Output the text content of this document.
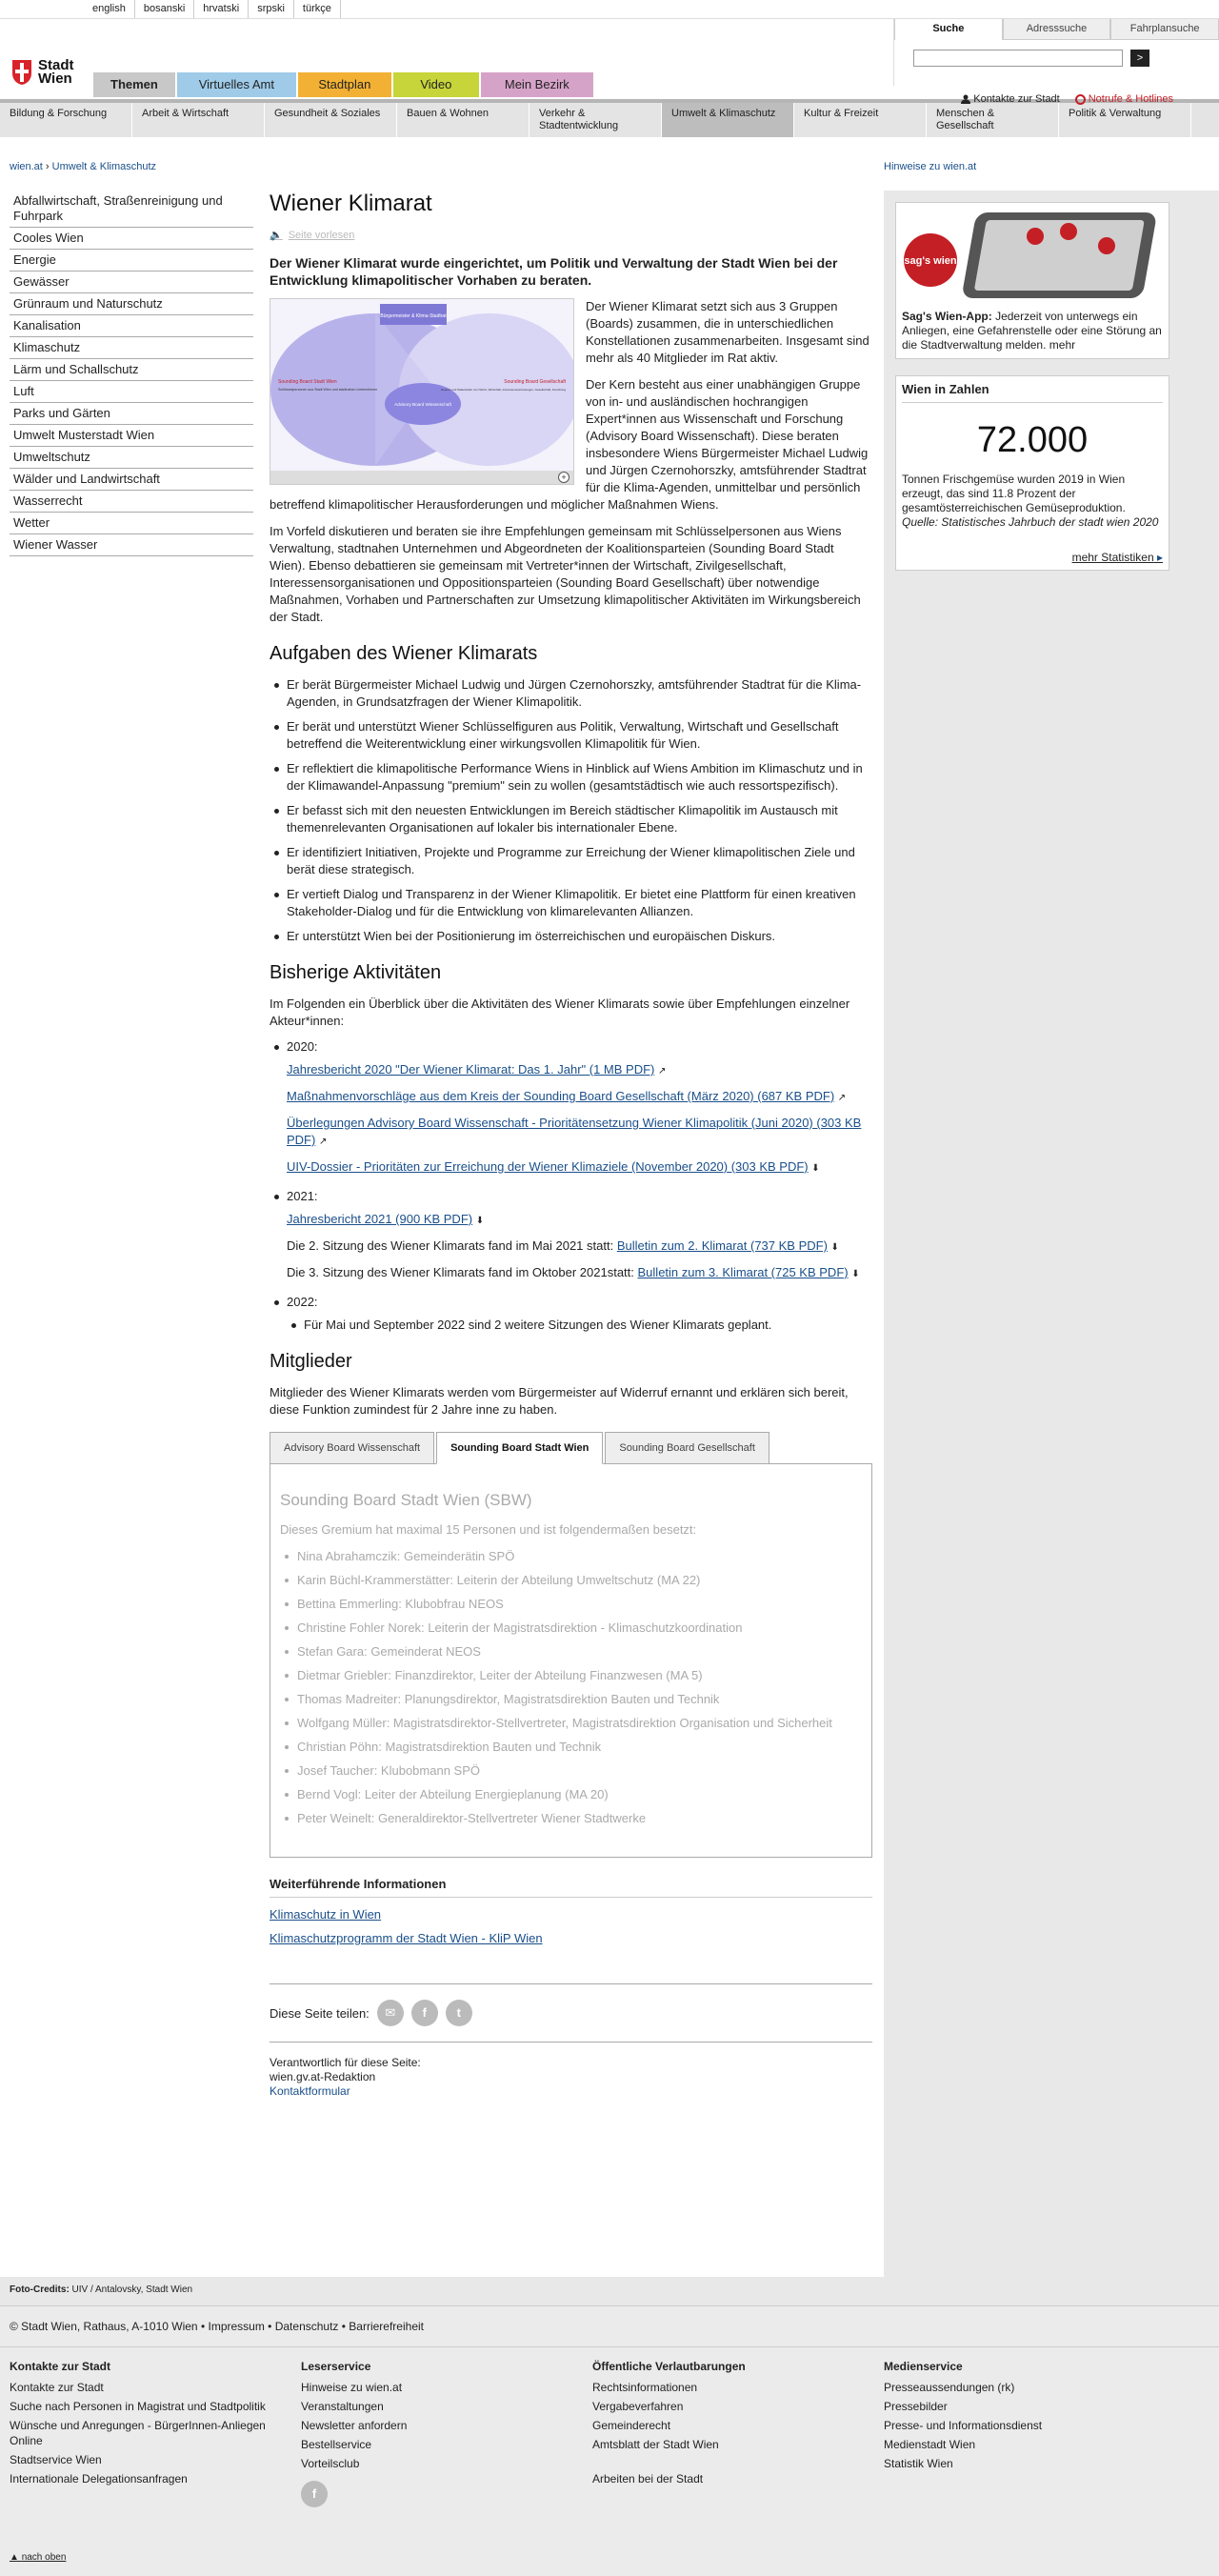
english	bosanski	hrvatski	srpski	türkçe
Stadt
Wien	Themen	Virtuelles Amt	Stadtplan	Video	Mein Bezirk
Suche	Adresssuche	Fahrplansuche
>
Kontakte zur Stadt	Notrufe & Hotlines
Bildung & Forschung	Arbeit & Wirtschaft	Gesundheit & Soziales	Bauen & Wohnen	Verkehr & Stadtentwicklung
Umwelt & Klimaschutz	Kultur & Freizeit	Menschen & Gesellschaft
Politik & Verwaltung
wien.at › Umwelt & Klimaschutz	Hinweise zu wien.at
Abfallwirtschaft, Straßenreinigung und Fuhrpark
Cooles Wien
Energie
Gewässer
Grünraum und Naturschutz
Kanalisation
Klimaschutz
Lärm und Schallschutz
Luft
Parks und Gärten
Umwelt Musterstadt Wien
Umweltschutz
Wälder und Landwirtschaft
Wasserrecht
Wetter
Wiener Wasser
Wiener Klimarat
🔈 Seite vorlesen
Der Wiener Klimarat wurde eingerichtet, um Politik und Verwaltung der Stadt Wien bei der Entwicklung klimapolitischer Vorhaben zu beraten.
Bürgermeister & Klima-Stadtrat
Sounding Board Stadt Wien
Schlüsselpersonen aus Stadt Wien und stadtnahen Unternehmen
Advisory Board Wissenschaft
Sounding Board Gesellschaft
Experts und Stakeholder von NGOs, Wirtschaft, Interessensvertretungen, Gesellschaft, Forschung
+
Der Wiener Klimarat setzt sich aus 3 Gruppen (Boards) zusammen, die in unterschiedlichen Konstellationen zusammenarbeiten. Insgesamt sind mehr als 40 Mitglieder im Rat aktiv.
Der Kern besteht aus einer unabhängigen Gruppe von in- und ausländischen hochrangigen Expert*innen aus Wissenschaft und Forschung (Advisory Board Wissenschaft). Diese beraten insbesondere Wiens Bürgermeister Michael Ludwig und Jürgen Czernohorszky, amtsführender Stadtrat für die Klima-Agenden, unmittelbar und persönlich betreffend klimapolitischer Herausforderungen und möglicher Maßnahmen Wiens.
Im Vorfeld diskutieren und beraten sie ihre Empfehlungen gemeinsam mit Schlüsselpersonen aus Wiens Verwaltung, stadtnahen Unternehmen und Abgeordneten der Koalitionsparteien (Sounding Board Stadt Wien). Ebenso debattieren sie gemeinsam mit Vertreter*innen der Wirtschaft, Zivilgesellschaft, Interessensorganisationen und Oppositionsparteien (Sounding Board Gesellschaft) über notwendige Maßnahmen, Vorhaben und Partnerschaften zur Umsetzung klimapolitischer Aktivitäten im Wirkungsbereich der Stadt.
Aufgaben des Wiener Klimarats
Er berät Bürgermeister Michael Ludwig und Jürgen Czernohorszky, amtsführender Stadtrat für die Klima-Agenden, in Grundsatzfragen der Wiener Klimapolitik.
Er berät und unterstützt Wiener Schlüsselfiguren aus Politik, Verwaltung, Wirtschaft und Gesellschaft betreffend die Weiterentwicklung einer wirkungsvollen Klimapolitik für Wien.
Er reflektiert die klimapolitische Performance Wiens in Hinblick auf Wiens Ambition im Klimaschutz und in der Klimawandel-Anpassung "premium" sein zu wollen (gesamtstädtisch wie auch ressortspezifisch).
Er befasst sich mit den neuesten Entwicklungen im Bereich städtischer Klimapolitik im Austausch mit themenrelevanten Organisationen auf lokaler bis internationaler Ebene.
Er identifiziert Initiativen, Projekte und Programme zur Erreichung der Wiener klimapolitischen Ziele und berät diese strategisch.
Er vertieft Dialog und Transparenz in der Wiener Klimapolitik. Er bietet eine Plattform für einen kreativen Stakeholder-Dialog und für die Entwicklung von klimarelevanten Allianzen.
Er unterstützt Wien bei der Positionierung im österreichischen und europäischen Diskurs.
Bisherige Aktivitäten
Im Folgenden ein Überblick über die Aktivitäten des Wiener Klimarats sowie über Empfehlungen einzelner Akteur*innen:
2020:
Jahresbericht 2020 "Der Wiener Klimarat: Das 1. Jahr" (1 MB PDF) ↗
Maßnahmenvorschläge aus dem Kreis der Sounding Board Gesellschaft (März 2020) (687 KB PDF) ↗
Überlegungen Advisory Board Wissenschaft - Prioritätensetzung Wiener Klimapolitik (Juni 2020) (303 KB PDF) ↗
UIV-Dossier - Prioritäten zur Erreichung der Wiener Klimaziele (November 2020) (303 KB PDF) ⬇
2021:
Jahresbericht 2021 (900 KB PDF) ⬇
Die 2. Sitzung des Wiener Klimarats fand im Mai 2021 statt: Bulletin zum 2. Klimarat (737 KB PDF) ⬇
Die 3. Sitzung des Wiener Klimarats fand im Oktober 2021statt: Bulletin zum 3. Klimarat (725 KB PDF) ⬇
2022:
Für Mai und September 2022 sind 2 weitere Sitzungen des Wiener Klimarats geplant.
Mitglieder
Mitglieder des Wiener Klimarats werden vom Bürgermeister auf Widerruf ernannt und erklären sich bereit, diese Funktion zumindest für 2 Jahre inne zu haben.
Advisory Board Wissenschaft	Sounding Board Stadt Wien	Sounding Board Gesellschaft
Sounding Board Stadt Wien (SBW)
Dieses Gremium hat maximal 15 Personen und ist folgendermaßen besetzt:
Nina Abrahamczik: Gemeinderätin SPÖ
Karin Büchl-Krammerstätter: Leiterin der Abteilung Umweltschutz (MA 22)
Bettina Emmerling: Klubobfrau NEOS
Christine Fohler Norek: Leiterin der Magistratsdirektion - Klimaschutzkoordination
Stefan Gara: Gemeinderat NEOS
Dietmar Griebler: Finanzdirektor, Leiter der Abteilung Finanzwesen (MA 5)
Thomas Madreiter: Planungsdirektor, Magistratsdirektion Bauten und Technik
Wolfgang Müller: Magistratsdirektor-Stellvertreter, Magistratsdirektion Organisation und Sicherheit
Christian Pöhn: Magistratsdirektion Bauten und Technik
Josef Taucher: Klubobmann SPÖ
Bernd Vogl: Leiter der Abteilung Energieplanung (MA 20)
Peter Weinelt: Generaldirektor-Stellvertreter Wiener Stadtwerke
Weiterführende Informationen
Klimaschutz in Wien
Klimaschutzprogramm der Stadt Wien - KliP Wien
Diese Seite teilen:	✉	f	t
Verantwortlich für diese Seite:
wien.gv.at-Redaktion
Kontaktformular
sag's wien
Sag's Wien-App: Jederzeit von unterwegs ein Anliegen, eine Gefahrenstelle oder eine Störung an die Stadtverwaltung melden. mehr
Wien in Zahlen
72.000
Tonnen Frischgemüse wurden 2019 in Wien erzeugt, das sind 11.8 Prozent der gesamtösterreichischen Gemüseproduktion.
Quelle: Statistisches Jahrbuch der stadt wien 2020
mehr Statistiken ▸
Foto-Credits: UIV / Antalovsky, Stadt Wien
© Stadt Wien, Rathaus, A-1010 Wien • Impressum • Datenschutz • Barrierefreiheit
Kontakte zur Stadt
Kontakte zur Stadt
Suche nach Personen in Magistrat und Stadtpolitik
Wünsche und Anregungen - BürgerInnen-Anliegen Online
Stadtservice Wien
Internationale Delegationsanfragen
Leserservice
Hinweise zu wien.at
Veranstaltungen
Newsletter anfordern
Bestellservice
Vorteilsclub
f
Öffentliche Verlautbarungen
Rechtsinformationen
Vergabeverfahren
Gemeinderecht
Amtsblatt der Stadt Wien
Arbeiten bei der Stadt
Medienservice
Presseaussendungen (rk)
Pressebilder
Presse- und Informationsdienst
Medienstadt Wien
Statistik Wien
▲ nach oben
